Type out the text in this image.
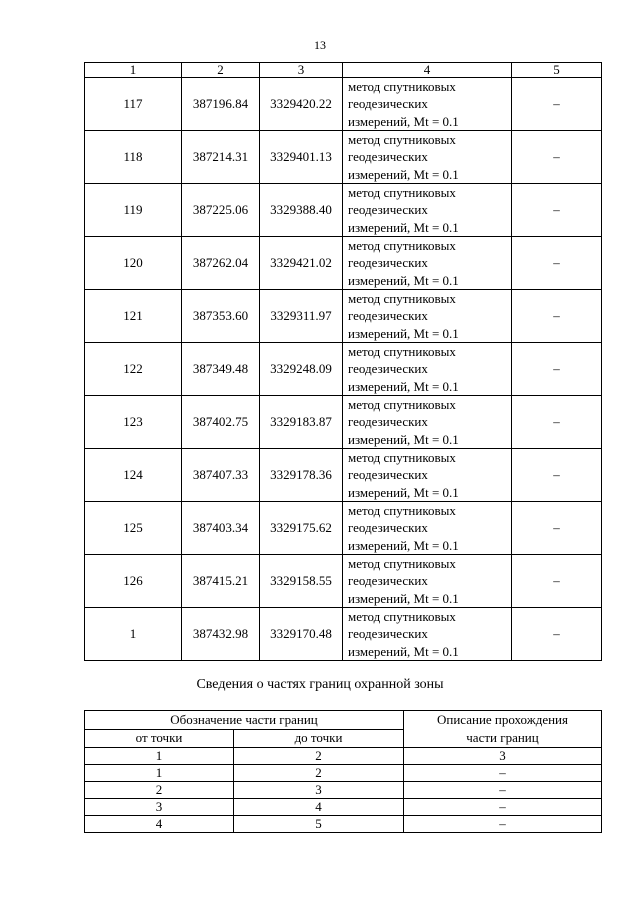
13
1	2	3	4	5
117	387196.84	3329420.22	метод спутниковых
геодезических
измерений, Mt = 0.1	–
118	387214.31	3329401.13	метод спутниковых
геодезических
измерений, Mt = 0.1	–
119	387225.06	3329388.40	метод спутниковых
геодезических
измерений, Mt = 0.1	–
120	387262.04	3329421.02	метод спутниковых
геодезических
измерений, Mt = 0.1	–
121	387353.60	3329311.97	метод спутниковых
геодезических
измерений, Mt = 0.1	–
122	387349.48	3329248.09	метод спутниковых
геодезических
измерений, Mt = 0.1	–
123	387402.75	3329183.87	метод спутниковых
геодезических
измерений, Mt = 0.1	–
124	387407.33	3329178.36	метод спутниковых
геодезических
измерений, Mt = 0.1	–
125	387403.34	3329175.62	метод спутниковых
геодезических
измерений, Mt = 0.1	–
126	387415.21	3329158.55	метод спутниковых
геодезических
измерений, Mt = 0.1	–
1	387432.98	3329170.48	метод спутниковых
геодезических
измерений, Mt = 0.1	–
Сведения о частях границ охранной зоны
Обозначение части границ		Описание прохождения
части границ

от точки	до точки	
1	2	3
1	2	–
2	3	–
3	4	–
4	5	–
